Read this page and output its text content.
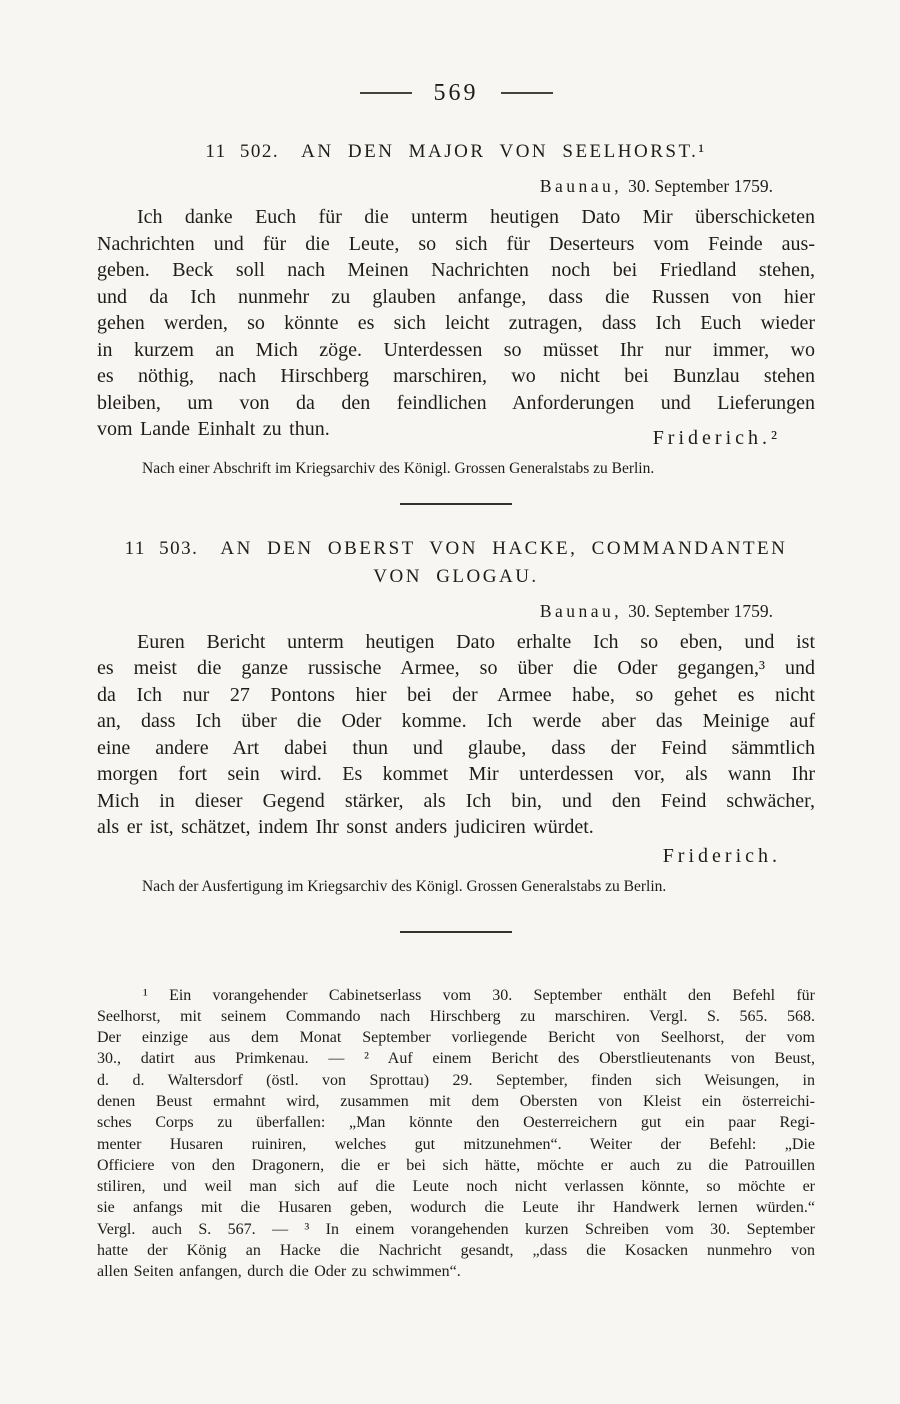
569
11 502. AN DEN MAJOR VON SEELHORST.¹
Baunau, 30. September 1759.
Ich danke Euch für die unterm heutigen Dato Mir überschicketen
Nachrichten und für die Leute, so sich für Deserteurs vom Feinde aus-
geben. Beck soll nach Meinen Nachrichten noch bei Friedland stehen,
und da Ich nunmehr zu glauben anfange, dass die Russen von hier
gehen werden, so könnte es sich leicht zutragen, dass Ich Euch wieder
in kurzem an Mich zöge. Unterdessen so müsset Ihr nur immer, wo
es nöthig, nach Hirschberg marschiren, wo nicht bei Bunzlau stehen
bleiben, um von da den feindlichen Anforderungen und Lieferungen
vom Lande Einhalt zu thun.	Friderich.²
Nach einer Abschrift im Kriegsarchiv des Königl. Grossen Generalstabs zu Berlin.
11 503. AN DEN OBERST VON HACKE, COMMANDANTEN
VON GLOGAU.
Baunau, 30. September 1759.
Euren Bericht unterm heutigen Dato erhalte Ich so eben, und ist
es meist die ganze russische Armee, so über die Oder gegangen,³ und
da Ich nur 27 Pontons hier bei der Armee habe, so gehet es nicht
an, dass Ich über die Oder komme. Ich werde aber das Meinige auf
eine andere Art dabei thun und glaube, dass der Feind sämmtlich
morgen fort sein wird. Es kommet Mir unterdessen vor, als wann Ihr
Mich in dieser Gegend stärker, als Ich bin, und den Feind schwächer,
als er ist, schätzet, indem Ihr sonst anders judiciren würdet.
Friderich.
Nach der Ausfertigung im Kriegsarchiv des Königl. Grossen Generalstabs zu Berlin.
¹ Ein vorangehender Cabinetserlass vom 30. September enthält den Befehl für
Seelhorst, mit seinem Commando nach Hirschberg zu marschiren. Vergl. S. 565. 568.
Der einzige aus dem Monat September vorliegende Bericht von Seelhorst, der vom
30., datirt aus Primkenau. — ² Auf einem Bericht des Oberstlieutenants von Beust,
d. d. Waltersdorf (östl. von Sprottau) 29. September, finden sich Weisungen, in
denen Beust ermahnt wird, zusammen mit dem Obersten von Kleist ein österreichi-
sches Corps zu überfallen: „Man könnte den Oesterreichern gut ein paar Regi-
menter Husaren ruiniren, welches gut mitzunehmen“. Weiter der Befehl: „Die
Officiere von den Dragonern, die er bei sich hätte, möchte er auch zu die Patrouillen
stiliren, und weil man sich auf die Leute noch nicht verlassen könnte, so möchte er
sie anfangs mit die Husaren geben, wodurch die Leute ihr Handwerk lernen würden.“
Vergl. auch S. 567. — ³ In einem vorangehenden kurzen Schreiben vom 30. September
hatte der König an Hacke die Nachricht gesandt, „dass die Kosacken nunmehro von
allen Seiten anfangen, durch die Oder zu schwimmen“.
